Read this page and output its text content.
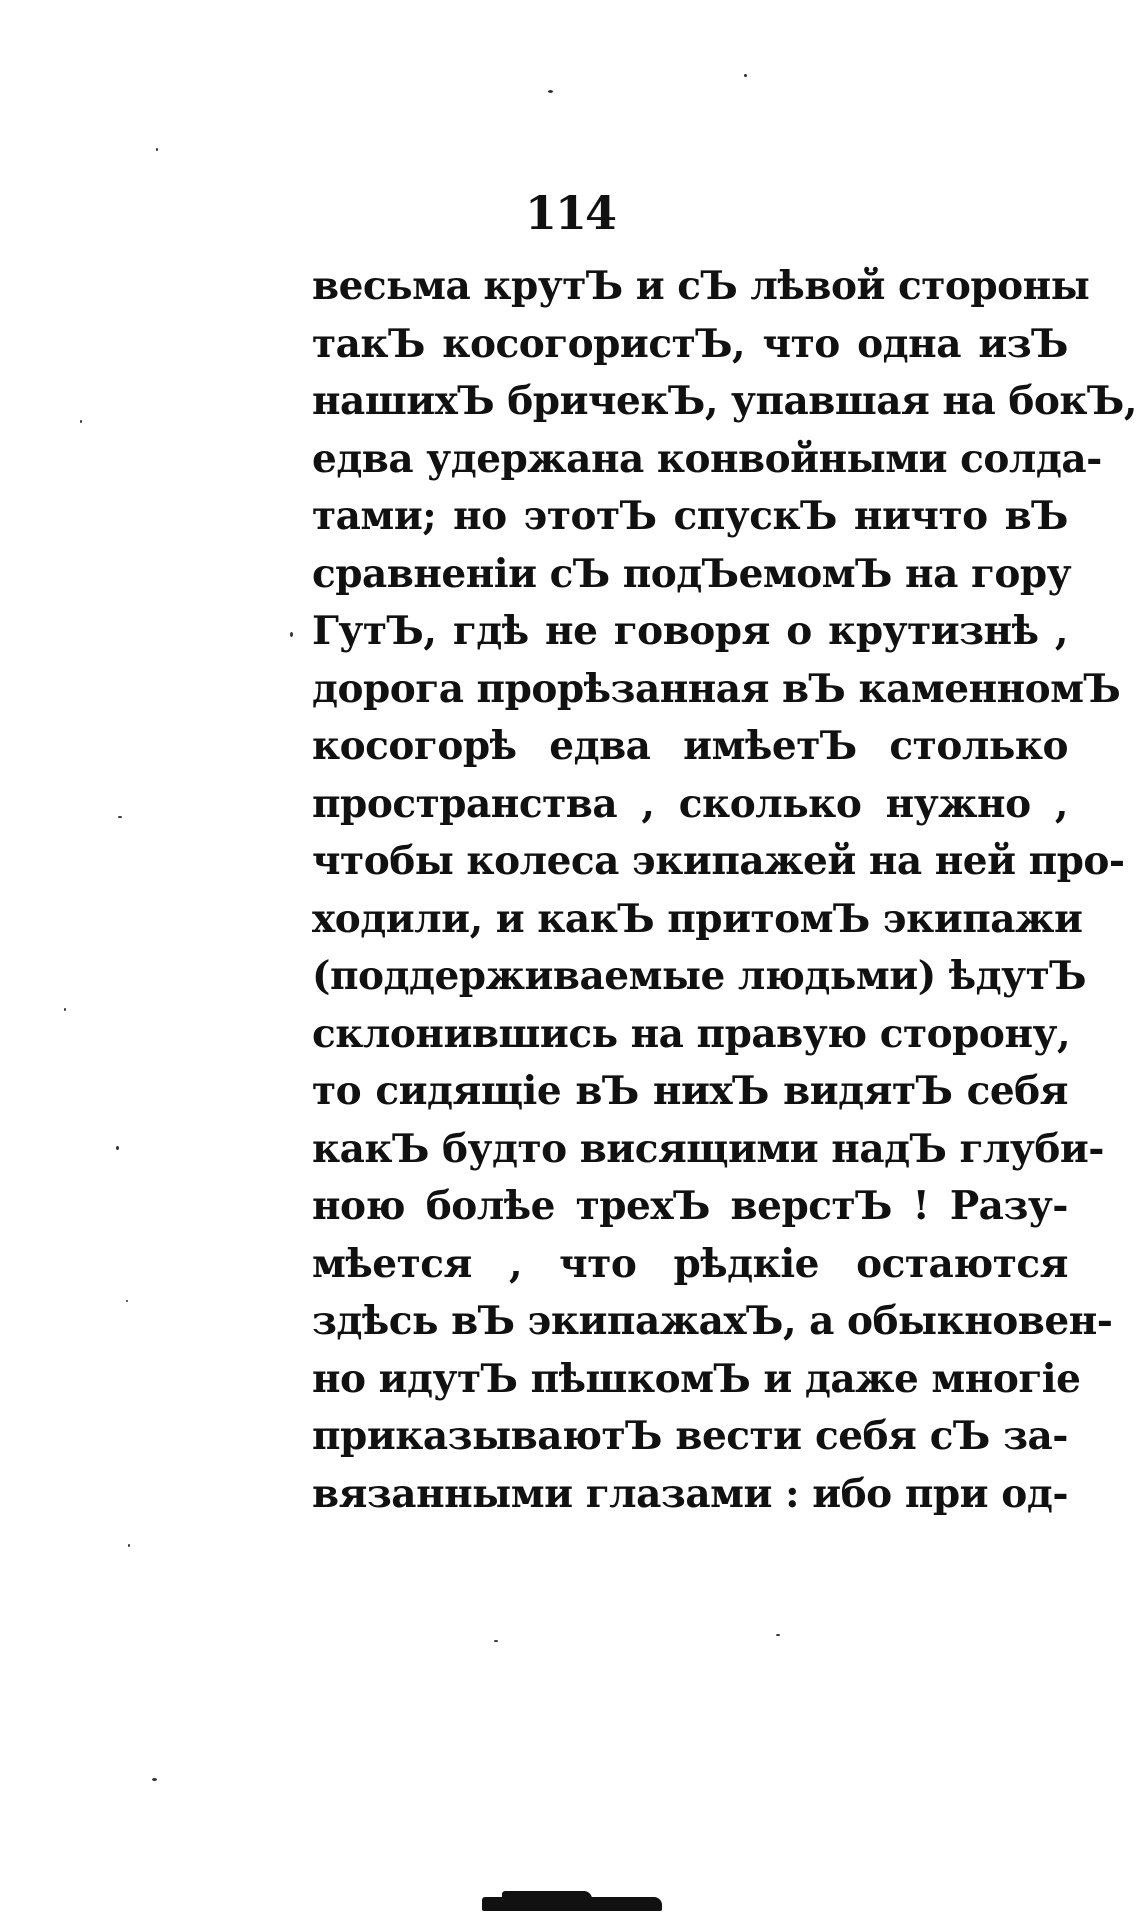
114
весьма крутЪ и сЪ лѣвой стороны
такЪ косогористЪ, что одна изЪ
нашихЪ бричекЪ, упавшая на бокЪ,
едва удержана конвойными солда-
тами; но этотЪ спускЪ ничто вЪ
сравненіи сЪ подЪемомЪ на гору
ГутЪ, гдѣ не говоря о крутизнѣ ,
дорога прорѣзанная вЪ каменномЪ
косогорѣ едва имѣетЪ столько
пространства , сколько нужно ,
чтобы колеса экипажей на ней про-
ходили, и какЪ притомЪ экипажи
(поддерживаемые людьми) ѣдутЪ
склонившись на правую сторону,
то сидящіе вЪ нихЪ видятЪ себя
какЪ будто висящими надЪ глуби-
ною болѣе трехЪ верстЪ ! Разу-
мѣется , что рѣдкіе остаются
здѣсь вЪ экипажахЪ, а обыкновен-
но идутЪ пѣшкомЪ и даже многіе
приказываютЪ вести себя сЪ за-
вязанными глазами : ибо при од-
